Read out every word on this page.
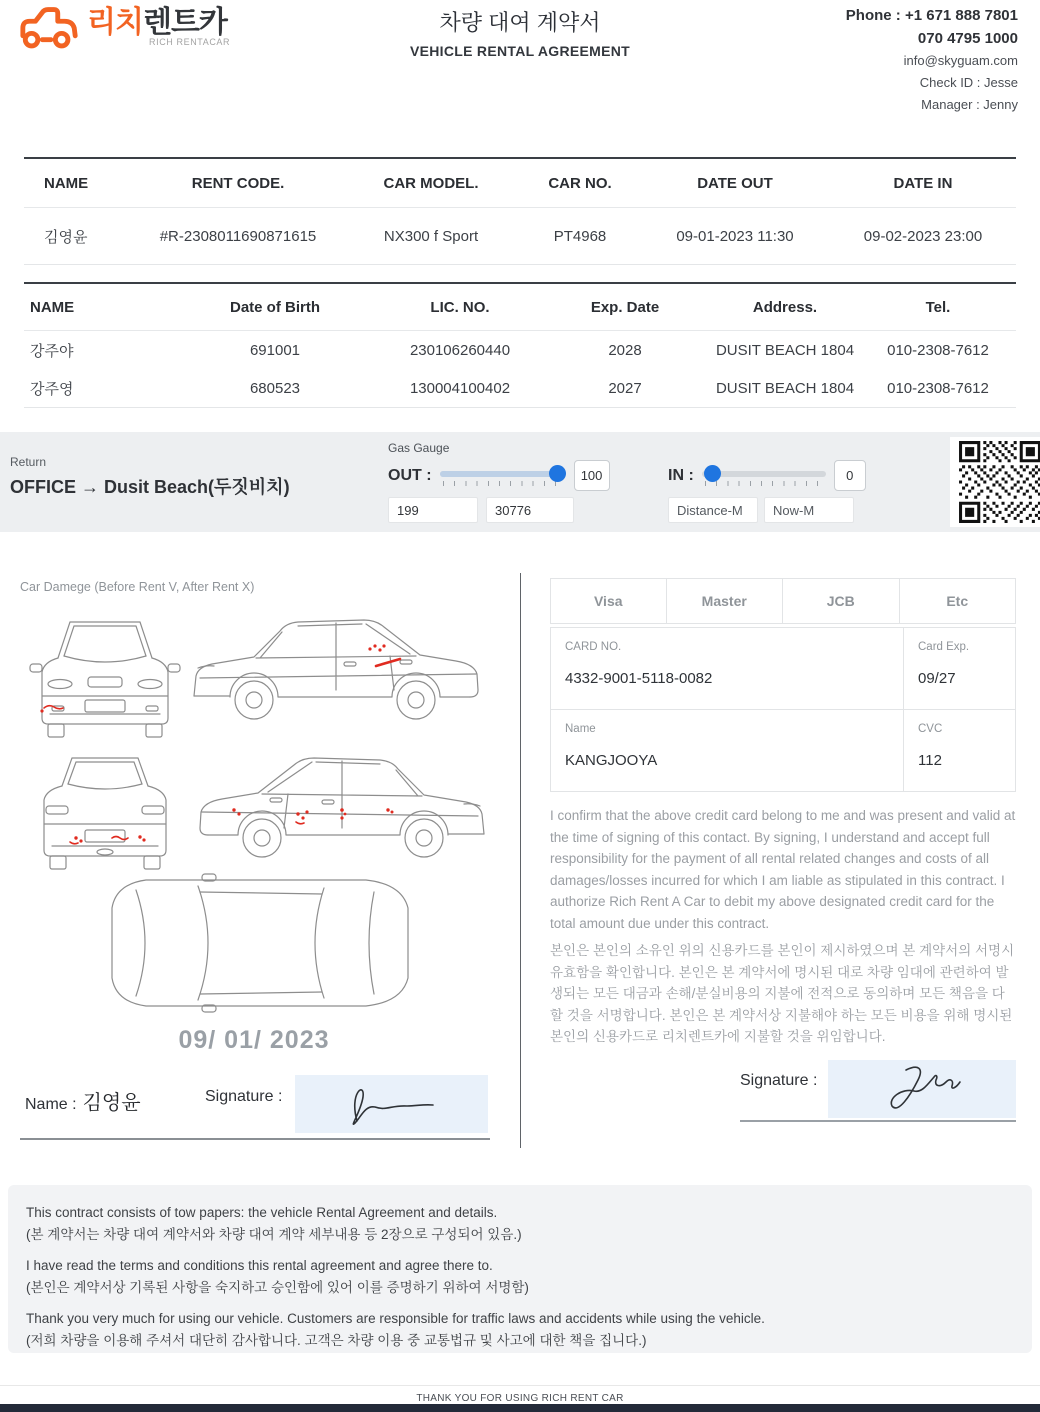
리치렌트카
RICH RENTACAR
차량 대여 계약서
VEHICLE RENTAL AGREEMENT
Phone : +1 671 888 7801
070 4795 1000
info@skyguam.com
Check ID : Jesse
Manager : Jenny
NAME	RENT CODE.	CAR MODEL.	CAR NO.	DATE OUT	DATE IN
김영윤	#R-2308011690871615	NX300 f Sport	PT4968	09-01-2023 11:30	09-02-2023 23:00
NAME	Date of Birth	LIC. NO.	Exp. Date	Address.	Tel.
강주야	691001	230106260440	2028	DUSIT BEACH 1804	010-2308-7612
강주영	680523	130004100402	2027	DUSIT BEACH 1804	010-2308-7612
Return
OFFICE → Dusit Beach(두짓비치)
Gas Gauge
OUT :	100
199
30776	IN :	0
Distance-M
Now-M
Car Damege (Before Rent V, After Rent X)
09/ 01/ 2023
Name : 김영윤	Signature :
Visa	Master	JCB	Etc
CARD NO.
4332-9001-5118-0082
Card Exp.
09/27
Name
KANGJOOYA
CVC
112
I confirm that the above credit card belong to me and was present and valid at the time of signing of this contact. By signing, I understand and accept full responsibility for the payment of all rental related changes and costs of all damages/losses incurred for which I am liable as stipulated in this contract. I authorize Rich Rent A Car to debit my above designated credit card for the total amount due under this contract.
본인은 본인의 소유인 위의 신용카드를 본인이 제시하였으며 본 계약서의 서명시 유효함을 확인합니다. 본인은 본 계약서에 명시된 대로 차량 임대에 관련하여 발생되는 모든 대금과 손해/분실비용의 지불에 전적으로 동의하며 모든 책음을 다할 것을 서명합니다. 본인은 본 계약서상 지불해야 하는 모든 비용을 위해 명시된 본인의 신용카드로 리치렌트카에 지불할 것을 위임합니다.
Signature :
This contract consists of tow papers: the vehicle Rental Agreement and details.
(본 계약서는 차량 대여 계약서와 차량 대여 계약 세부내용 등 2장으로 구성되어 있음.)
I have read the terms and conditions this rental agreement and agree there to.
(본인은 계약서상 기록된 사항을 숙지하고 승인함에 있어 이를 증명하기 위하여 서명함)
Thank you very much for using our vehicle. Customers are responsible for traffic laws and accidents while using the vehicle.
(저희 차량을 이용해 주셔서 대단히 감사합니다. 고객은 차량 이용 중 교통법규 및 사고에 대한 책을 집니다.)
THANK YOU FOR USING RICH RENT CAR
